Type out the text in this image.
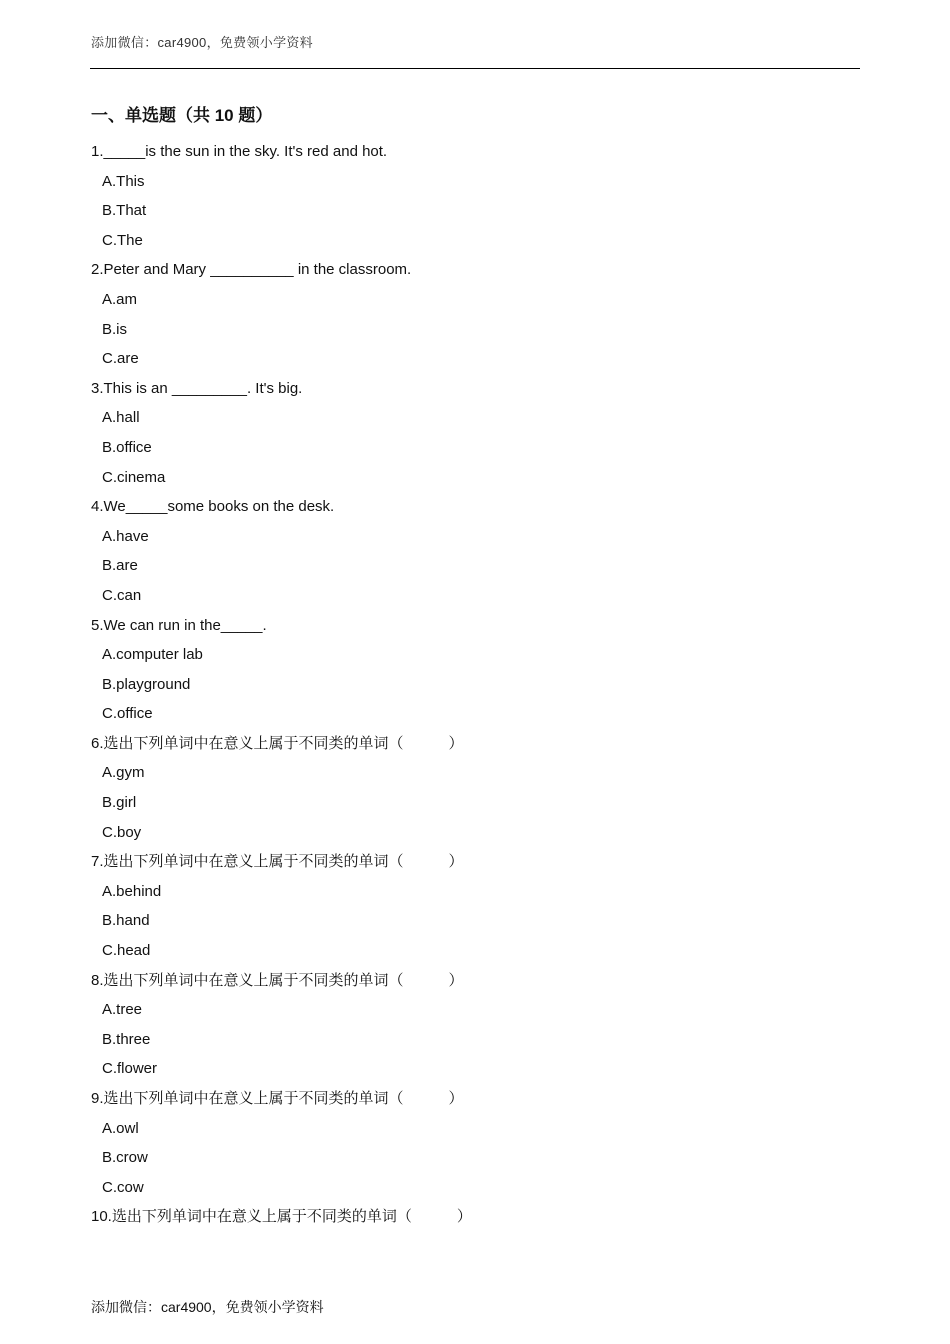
添加微信：car4900，免费领小学资料
一、单选题（共 10 题）
1._____is the sun in the sky. It's red and hot.
A.This
B.That
C.The
2.Peter and Mary __________ in the classroom.
A.am
B.is
C.are
3.This is an _________. It's big.
A.hall
B.office
C.cinema
4.We_____some books on the desk.
A.have
B.are
C.can
5.We can run in the_____.
A.computer lab
B.playground
C.office
6.选出下列单词中在意义上属于不同类的单词（　　　）
A.gym
B.girl
C.boy
7.选出下列单词中在意义上属于不同类的单词（　　　）
A.behind
B.hand
C.head
8.选出下列单词中在意义上属于不同类的单词（　　　）
A.tree
B.three
C.flower
9.选出下列单词中在意义上属于不同类的单词（　　　）
A.owl
B.crow
C.cow
10.选出下列单词中在意义上属于不同类的单词（　　　）
添加微信：car4900，免费领小学资料
